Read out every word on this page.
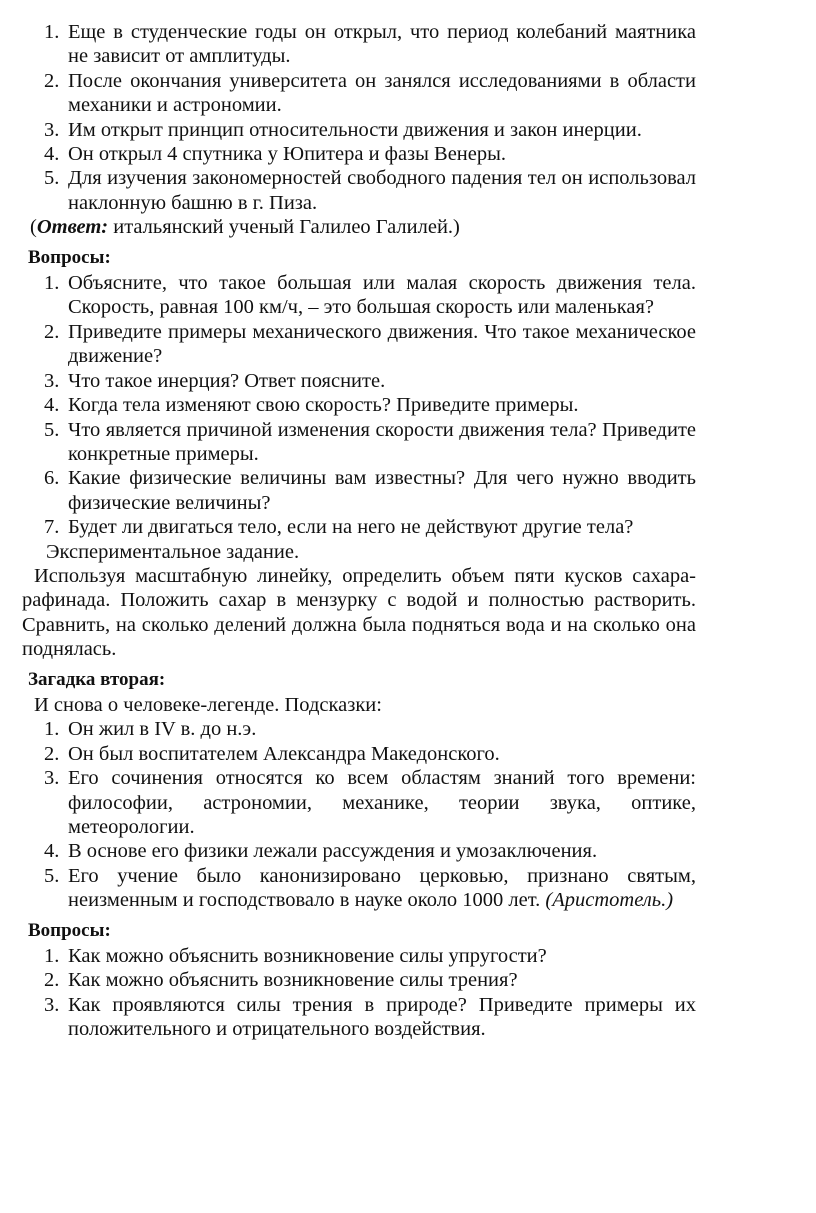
1. Еще в студенческие годы он открыл, что период колебаний маятника не зависит от амплитуды.
2. После окончания университета он занялся исследованиями в области механики и астрономии.
3. Им открыт принцип относительности движения и закон инерции.
4. Он открыл 4 спутника у Юпитера и фазы Венеры.
5. Для изучения закономерностей свободного падения тел он использовал наклонную башню в г. Пиза.
(Ответ: итальянский ученый Галилео Галилей.)
Вопросы:
1. Объясните, что такое большая или малая скорость движения тела. Скорость, равная 100 км/ч, – это большая скорость или маленькая?
2. Приведите примеры механического движения. Что такое механическое движение?
3. Что такое инерция? Ответ поясните.
4. Когда тела изменяют свою скорость? Приведите примеры.
5. Что является причиной изменения скорости движения тела? Приведите конкретные примеры.
6. Какие физические величины вам известны? Для чего нужно вводить физические величины?
7. Будет ли двигаться тело, если на него не действуют другие тела?
Экспериментальное задание.
Используя масштабную линейку, определить объем пяти кусков сахара-рафинада. Положить сахар в мензурку с водой и полностью растворить. Сравнить, на сколько делений должна была подняться вода и на сколько она поднялась.
Загадка вторая:
И снова о человеке-легенде. Подсказки:
1. Он жил в IV в. до н.э.
2. Он был воспитателем Александра Македонского.
3. Его сочинения относятся ко всем областям знаний того времени: философии, астрономии, механике, теории звука, оптике, метеорологии.
4. В основе его физики лежали рассуждения и умозаключения.
5. Его учение было канонизировано церковью, признано святым, неизменным и господствовало в науке около 1000 лет. (Аристотель.)
Вопросы:
1. Как можно объяснить возникновение силы упругости?
2. Как можно объяснить возникновение силы трения?
3. Как проявляются силы трения в природе? Приведите примеры их положительного и отрицательного воздействия.
